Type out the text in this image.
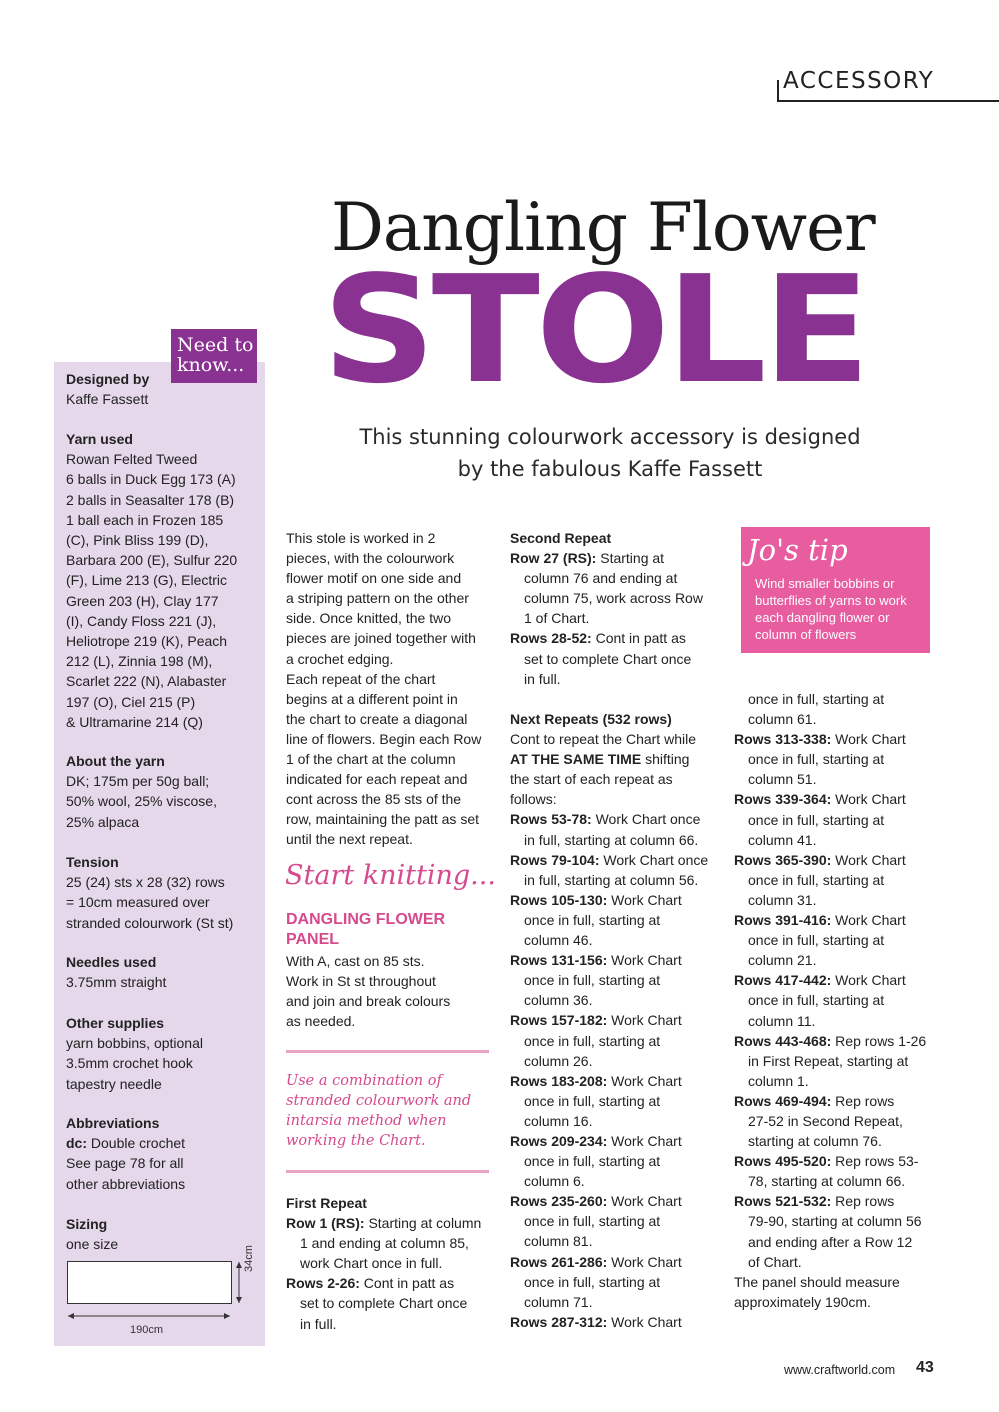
ACCESSORY
Dangling Flower
STOLE
This stunning colourwork accessory is designed
by the fabulous Kaffe Fassett
Need to
know...
Designed by
Kaffe Fassett
Yarn used
Rowan Felted Tweed
6 balls in Duck Egg 173 (A)
2 balls in Seasalter 178 (B)
1 ball each in Frozen 185
(C), Pink Bliss 199 (D),
Barbara 200 (E), Sulfur 220
(F), Lime 213 (G), Electric
Green 203 (H), Clay 177
(I), Candy Floss 221 (J),
Heliotrope 219 (K), Peach
212 (L), Zinnia 198 (M),
Scarlet 222 (N), Alabaster
197 (O), Ciel 215 (P)
& Ultramarine 214 (Q)
About the yarn
DK; 175m per 50g ball;
50% wool, 25% viscose,
25% alpaca
Tension
25 (24) sts x 28 (32) rows
= 10cm measured over
stranded colourwork (St st)
Needles used
3.75mm straight
Other supplies
yarn bobbins, optional
3.5mm crochet hook
tapestry needle
Abbreviations
dc: Double crochet
See page 78 for all
other abbreviations
Sizing
one size
190cm
34cm

This stole is worked in 2

pieces, with the colourwork

flower motif on one side and

a striping pattern on the other

side. Once knitted, the two

pieces are joined together with

a crochet edging.

Each repeat of the chart

begins at a different point in

the chart to create a diagonal

line of flowers. Begin each Row

1 of the chart at the column

indicated for each repeat and

cont across the 85 sts of the

row, maintaining the patt as set

until the next repeat.

Start knitting...
DANGLING FLOWER
PANEL

With A, cast on 85 sts.

Work in St st throughout

and join and break colours

as needed.

Use a combination of
stranded colourwork and
intarsia method when
working the Chart.

First Repeat

Row 1 (RS): Starting at column

1 and ending at column 85,

work Chart once in full.

Rows 2-26: Cont in patt as

set to complete Chart once

in full.

Second Repeat

Row 27 (RS): Starting at

column 76 and ending at

column 75, work across Row

1 of Chart.

Rows 28-52: Cont in patt as

set to complete Chart once

in full.

Next Repeats (532 rows)

Cont to repeat the Chart while

AT THE SAME TIME shifting

the start of each repeat as

follows:

Rows 53-78: Work Chart once

in full, starting at column 66.

Rows 79-104: Work Chart once

in full, starting at column 56.

Rows 105-130: Work Chart

once in full, starting at

column 46.

Rows 131-156: Work Chart

once in full, starting at

column 36.

Rows 157-182: Work Chart

once in full, starting at

column 26.

Rows 183-208: Work Chart

once in full, starting at

column 16.

Rows 209-234: Work Chart

once in full, starting at

column 6.

Rows 235-260: Work Chart

once in full, starting at

column 81.

Rows 261-286: Work Chart

once in full, starting at

column 71.

Rows 287-312: Work Chart

Jo's tip
Wind smaller bobbins or
butterflies of yarns to work
each dangling flower or
column of flowers

once in full, starting at

column 61.

Rows 313-338: Work Chart

once in full, starting at

column 51.

Rows 339-364: Work Chart

once in full, starting at

column 41.

Rows 365-390: Work Chart

once in full, starting at

column 31.

Rows 391-416: Work Chart

once in full, starting at

column 21.

Rows 417-442: Work Chart

once in full, starting at

column 11.

Rows 443-468: Rep rows 1-26

in First Repeat, starting at

column 1.

Rows 469-494: Rep rows

27-52 in Second Repeat,

starting at column 76.

Rows 495-520: Rep rows 53-

78, starting at column 66.

Rows 521-532: Rep rows

79-90, starting at column 56

and ending after a Row 12

of Chart.

The panel should measure

approximately 190cm.

www.craftworld.com 43
